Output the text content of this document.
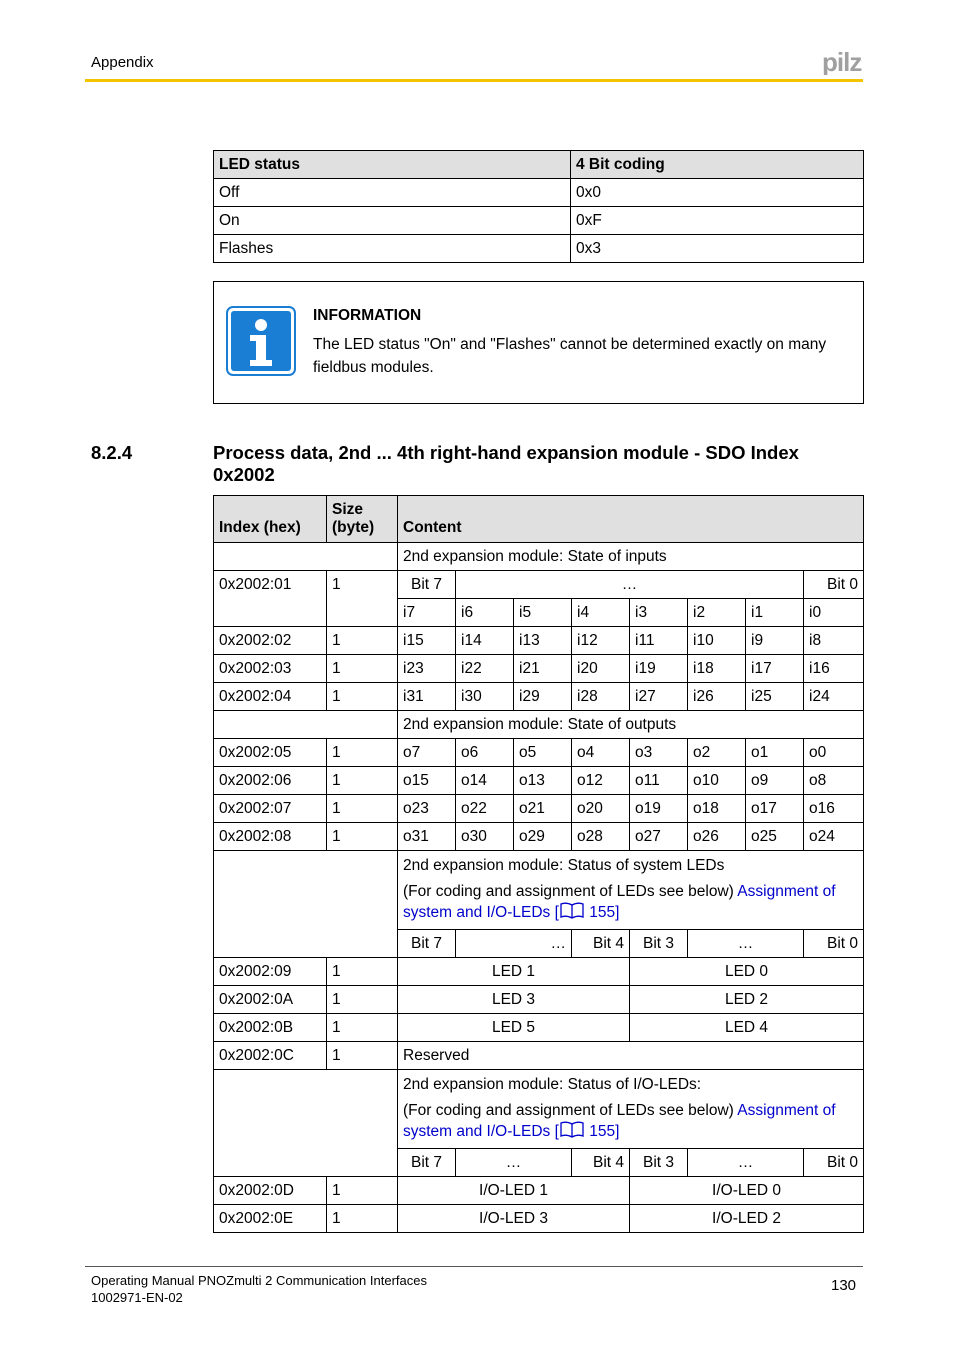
Appendix	pilz
LED status	4 Bit coding
Off	0x0
On	0xF
Flashes	0x3
INFORMATION
The LED status "On" and "Flashes" cannot be determined exactly on many fieldbus modules.
8.2.4	Process data, 2nd ... 4th right-hand expansion module - SDO Index 0x2002
Index (hex)	Size (byte)	Content							
		2nd expansion module: State of inputs							
0x2002:01	1	Bit 7	…						Bit 0
		i7	i6	i5	i4	i3	i2	i1	i0
0x2002:02	1	i15	i14	i13	i12	i11	i10	i9	i8
0x2002:03	1	i23	i22	i21	i20	i19	i18	i17	i16
0x2002:04	1	i31	i30	i29	i28	i27	i26	i25	i24
		2nd expansion module: State of outputs							
0x2002:05	1	o7	o6	o5	o4	o3	o2	o1	o0
0x2002:06	1	o15	o14	o13	o12	o11	o10	o9	o8
0x2002:07	1	o23	o22	o21	o20	o19	o18	o17	o16
0x2002:08	1	o31	o30	o29	o28	o27	o26	o25	o24

		2nd expansion module: Status of system LEDs
(For coding and assignment of LEDs see below) Assignment of system and I/O-LEDs [ 155]							

		Bit 7	…		Bit 4	Bit 3	…		Bit 0
0x2002:09	1	LED 1				LED 0			
0x2002:0A	1	LED 3				LED 2			
0x2002:0B	1	LED 5				LED 4			
0x2002:0C	1	Reserved							

		2nd expansion module: Status of I/O-LEDs:
(For coding and assignment of LEDs see below) Assignment of system and I/O-LEDs [ 155]							

		Bit 7	…		Bit 4	Bit 3	…		Bit 0
0x2002:0D	1	I/O-LED 1				I/O-LED 0			
0x2002:0E	1	I/O-LED 3				I/O-LED 2			
Operating Manual PNOZmulti 2 Communication Interfaces
1002971-EN-02
130
